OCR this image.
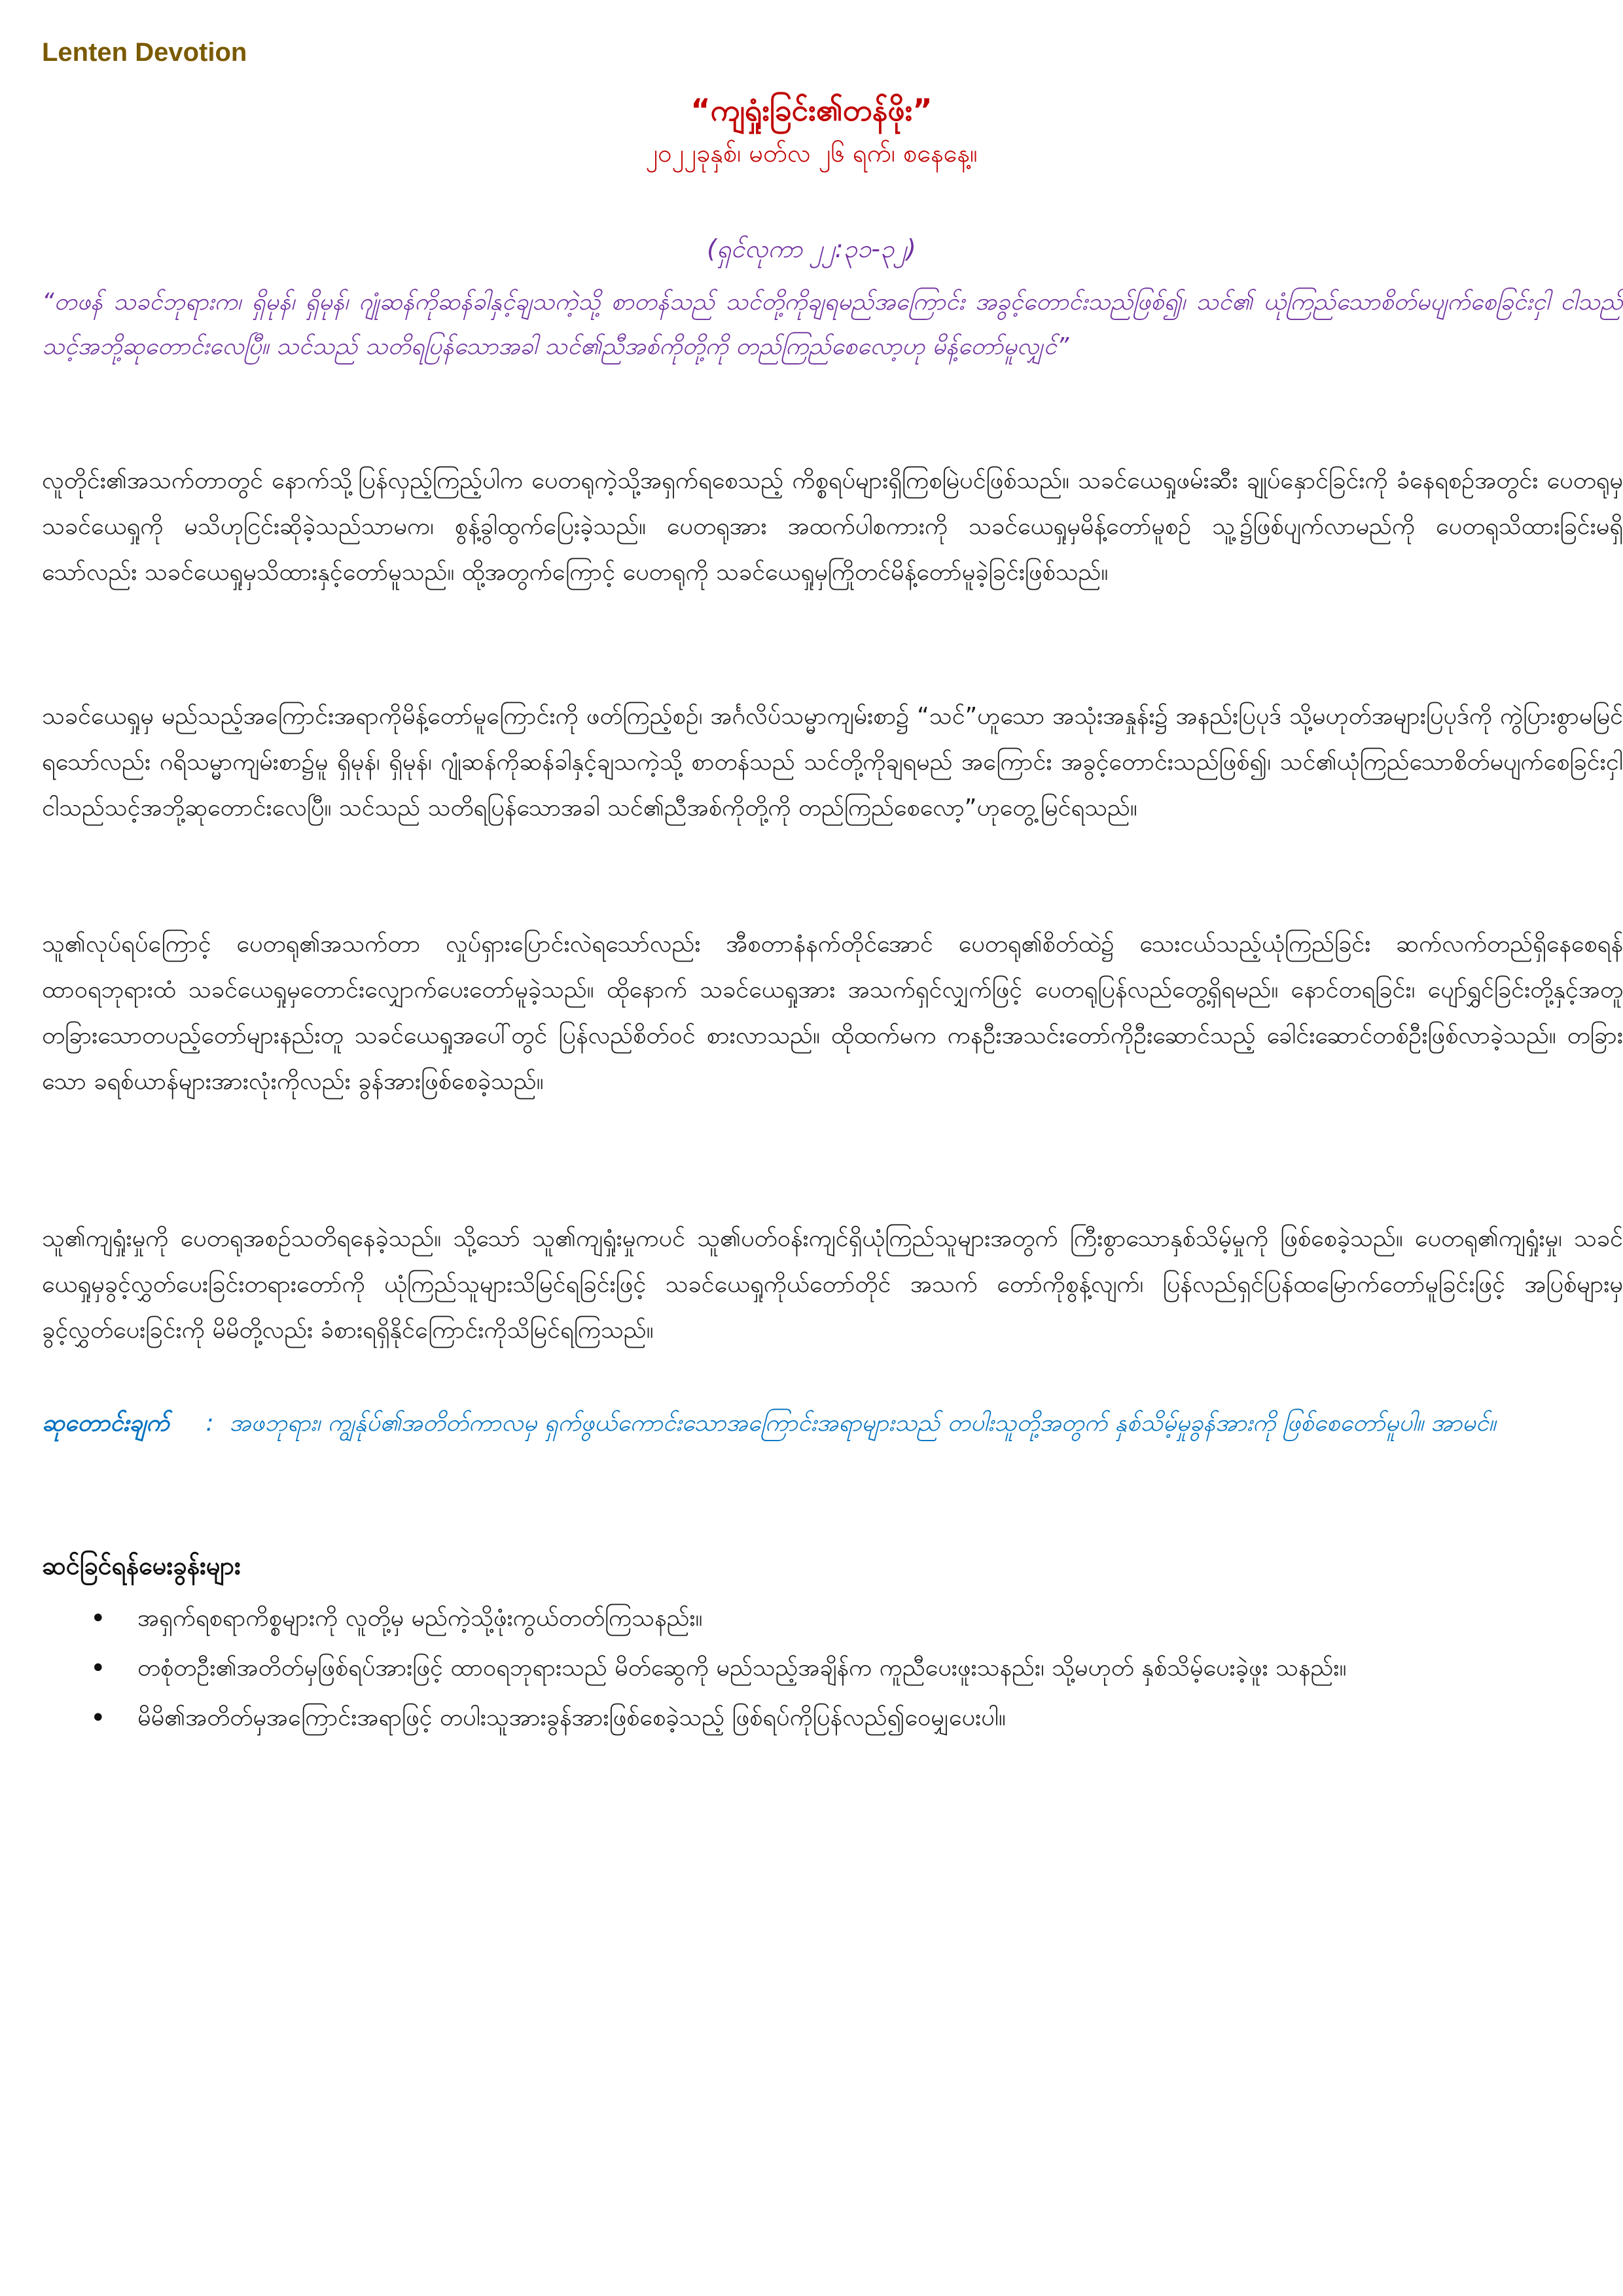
Lenten Devotion
“ကျရှုံးခြင်း၏တန်ဖိုး”
၂၀၂၂ခုနှစ်၊ မတ်လ ၂၆ ရက်၊ စနေနေ့။
(ရှင်လုကာ ၂၂:၃၁-၃၂)
“တဖန် သခင်ဘုရားက၊ ရှိမုန်၊ ရှိမုန်၊ ဂျုံဆန်ကိုဆန်ခါနှင့်ချသကဲ့သို့ စာတန်သည် သင်တို့ကိုချရမည်အကြောင်း အခွင့်တောင်းသည်ဖြစ်၍၊ သင်၏ ယုံကြည်သောစိတ်မပျက်စေခြင်းငှါ ငါသည်သင့်အဘို့ဆုတောင်းလေပြီ။ သင်သည် သတိရပြန်သောအခါ သင်၏ညီအစ်ကိုတို့ကို တည်ကြည်စေလော့ဟု မိန့်တော်မူလျှင်”
လူတိုင်း၏အသက်တာတွင် နောက်သို့ပြန်လှည့်ကြည့်ပါက ပေတရုကဲ့သို့အရှက်ရစေသည့် ကိစ္စရပ်များရှိကြစမြဲပင်ဖြစ်သည်။ သခင်ယေရှုဖမ်းဆီး ချုပ်နှောင်ခြင်းကို ခံနေရစဉ်အတွင်း ပေတရုမှ သခင်ယေရှုကို မသိဟုငြင်းဆိုခဲ့သည်သာမက၊ စွန့်ခွါထွက်ပြေးခဲ့သည်။ ပေတရုအား အထက်ပါစကားကို သခင်ယေရှုမှမိန့်တော်မူစဉ် သူ့၌ဖြစ်ပျက်လာမည်ကို ပေတရုသိထားခြင်းမရှိသော်လည်း သခင်ယေရှုမှသိထားနှင့်တော်မူသည်။ ထို့အတွက်ကြောင့် ပေတရုကို သခင်ယေရှုမှကြိုတင်မိန့်တော်မူခဲ့ခြင်းဖြစ်သည်။
သခင်ယေရှုမှ မည်သည့်အကြောင်းအရာကိုမိန့်တော်မူကြောင်းကို ဖတ်ကြည့်စဉ်၊ အင်္ဂလိပ်သမ္မာကျမ်းစာ၌ “သင်”ဟူသော အသုံးအနှုန်း၌ အနည်းပြပုဒ် သို့မဟုတ်အများပြပုဒ်ကို ကွဲပြားစွာမမြင်ရသော်လည်း ဂရိသမ္မာကျမ်းစာ၌မူ ရှိမုန်၊ ရှိမုန်၊ ဂျုံဆန်ကိုဆန်ခါနှင့်ချသကဲ့သို့ စာတန်သည် သင်တို့ကိုချရမည် အကြောင်း အခွင့်တောင်းသည်ဖြစ်၍၊ သင်၏ယုံကြည်သောစိတ်မပျက်စေခြင်းငှါ ငါသည်သင့်အဘို့ဆုတောင်းလေပြီ။ သင်သည် သတိရပြန်သောအခါ သင်၏ညီအစ်ကိုတို့ကို တည်ကြည်စေလော့”ဟုတွေ့မြင်ရသည်။
သူ၏လုပ်ရပ်ကြောင့် ပေတရု၏အသက်တာ လှုပ်ရှားပြောင်းလဲရသော်လည်း အီစတာနံနက်တိုင်အောင် ပေတရု၏စိတ်ထဲ၌ သေးငယ်သည့်ယုံကြည်ခြင်း ဆက်လက်တည်ရှိနေစေရန် ထာဝရဘုရားထံ သခင်ယေရှုမှတောင်းလျှောက်ပေးတော်မူခဲ့သည်။ ထိုနောက် သခင်ယေရှုအား အသက်ရှင်လျှက်ဖြင့် ပေတရုပြန်လည်တွေ့ရှိရမည်။ နောင်တရခြင်း၊ ပျော်ရွှင်ခြင်းတို့နှင့်အတူ တခြားသောတပည့်တော်များနည်းတူ သခင်ယေရှုအပေါ်တွင် ပြန်လည်စိတ်ဝင် စားလာသည်။ ထိုထက်မက ကနဦးအသင်းတော်ကိုဦးဆောင်သည့် ခေါင်းဆောင်တစ်ဦးဖြစ်လာခဲ့သည်။ တခြားသော ခရစ်ယာန်များအားလုံးကိုလည်း ခွန်အားဖြစ်စေခဲ့သည်။
သူ၏ကျရှုံးမှုကို ပေတရုအစဉ်သတိရနေခဲ့သည်။ သို့သော် သူ၏ကျရှုံးမှုကပင် သူ၏ပတ်ဝန်းကျင်ရှိယုံကြည်သူများအတွက် ကြီးစွာသောနှစ်သိမ့်မှုကို ဖြစ်စေခဲ့သည်။ ပေတရု၏ကျရှုံးမှု၊ သခင်ယေရှုမှခွင့်လွှတ်ပေးခြင်းတရားတော်ကို ယုံကြည်သူများသိမြင်ရခြင်းဖြင့် သခင်ယေရှုကိုယ်တော်တိုင် အသက် တော်ကိုစွန့်လျက်၊ ပြန်လည်ရှင်ပြန်ထမြောက်တော်မူခြင်းဖြင့် အပြစ်များမှခွင့်လွှတ်ပေးခြင်းကို မိမိတို့လည်း ခံစားရရှိနိုင်ကြောင်းကိုသိမြင်ရကြသည်။
ဆုတောင်းချက် : အဖဘုရား၊ ကျွန်ုပ်၏အတိတ်ကာလမှ ရှက်ဖွယ်ကောင်းသောအကြောင်းအရာများသည် တပါးသူတို့အတွက် နှစ်သိမ့်မှုခွန်အားကို ဖြစ်စေတော်မူပါ။ အာမင်။
ဆင်ခြင်ရန်မေးခွန်းများ
• အရှက်ရစရာကိစ္စများကို လူတို့မှ မည်ကဲ့သို့ဖုံးကွယ်တတ်ကြသနည်း။
• တစုံတဦး၏အတိတ်မှဖြစ်ရပ်အားဖြင့် ထာဝရဘုရားသည် မိတ်ဆွေကို မည်သည့်အချိန်က ကူညီပေးဖူးသနည်း၊ သို့မဟုတ် နှစ်သိမ့်ပေးခဲ့ဖူး သနည်း။
• မိမိ၏အတိတ်မှအကြောင်းအရာဖြင့် တပါးသူအားခွန်အားဖြစ်စေခဲ့သည့် ဖြစ်ရပ်ကိုပြန်လည်၍ဝေမျှပေးပါ။
